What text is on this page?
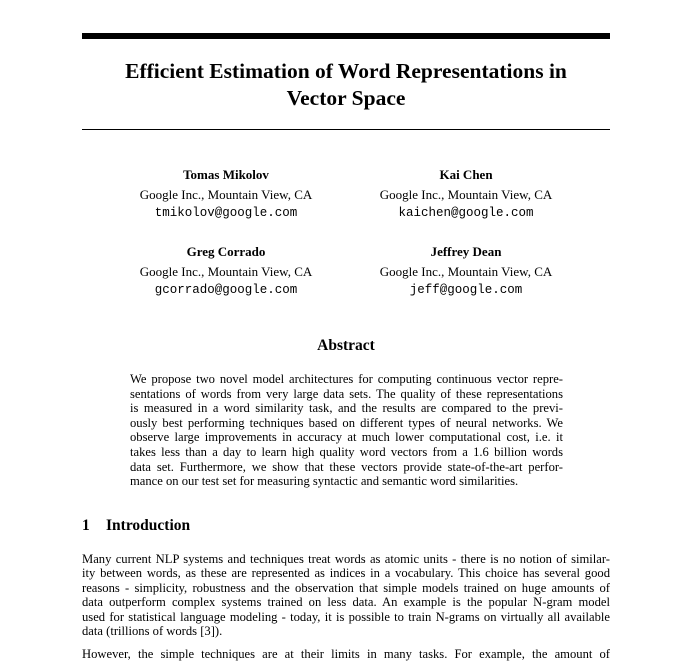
Efficient Estimation of Word Representations in
Vector Space
Tomas Mikolov
Google Inc., Mountain View, CA
tmikolov@google.com
Kai Chen
Google Inc., Mountain View, CA
kaichen@google.com
Greg Corrado
Google Inc., Mountain View, CA
gcorrado@google.com
Jeffrey Dean
Google Inc., Mountain View, CA
jeff@google.com
Abstract
We propose two novel model architectures for computing continuous vector repre-
sentations of words from very large data sets. The quality of these representations
is measured in a word similarity task, and the results are compared to the previ-
ously best performing techniques based on different types of neural networks. We
observe large improvements in accuracy at much lower computational cost, i.e. it
takes less than a day to learn high quality word vectors from a 1.6 billion words
data set. Furthermore, we show that these vectors provide state-of-the-art perfor-
mance on our test set for measuring syntactic and semantic word similarities.
1 Introduction
Many current NLP systems and techniques treat words as atomic units - there is no notion of similar-
ity between words, as these are represented as indices in a vocabulary. This choice has several good
reasons - simplicity, robustness and the observation that simple models trained on huge amounts of
data outperform complex systems trained on less data. An example is the popular N-gram model
used for statistical language modeling - today, it is possible to train N-grams on virtually all available
data (trillions of words [3]).
However, the simple techniques are at their limits in many tasks. For example, the amount of
